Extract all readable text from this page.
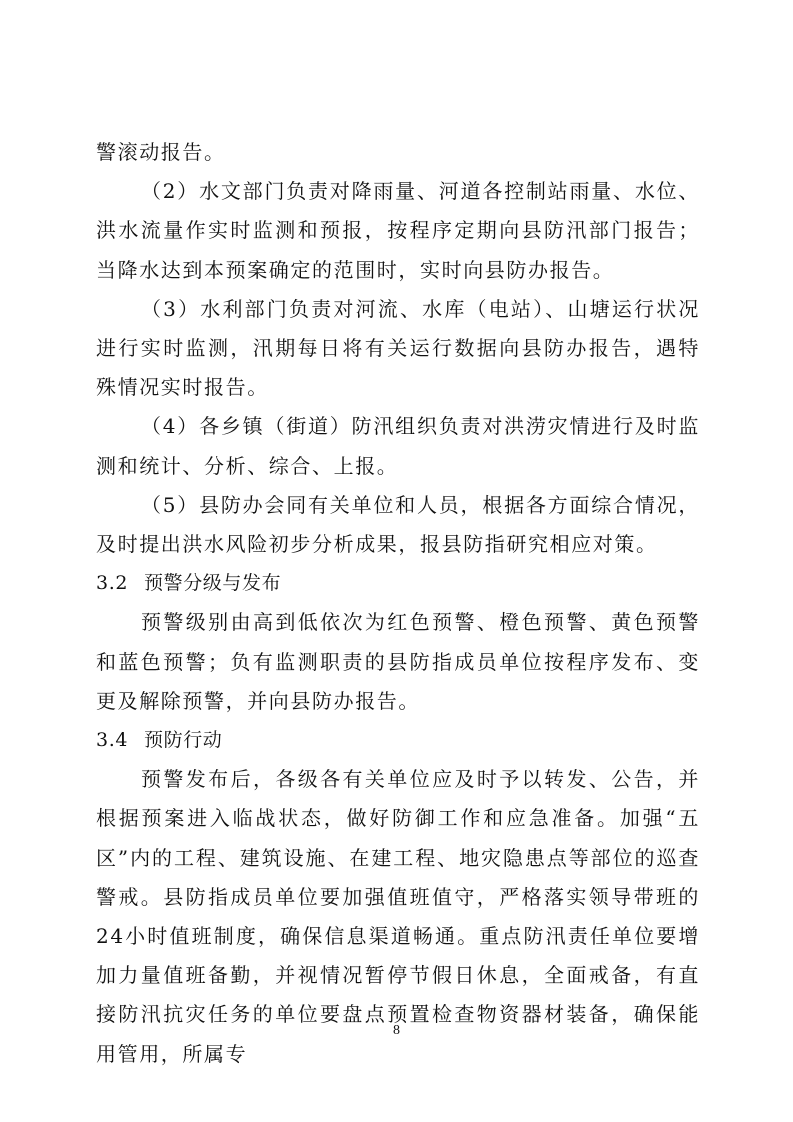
警滚动报告。

（2）水文部门负责对降雨量、河道各控制站雨量、水位、洪水流量作实时监测和预报，按程序定期向县防汛部门报告；当降水达到本预案确定的范围时，实时向县防办报告。

（3）水利部门负责对河流、水库（电站）、山塘运行状况进行实时监测，汛期每日将有关运行数据向县防办报告，遇特殊情况实时报告。

（4）各乡镇（街道）防汛组织负责对洪涝灾情进行及时监测和统计、分析、综合、上报。

（5）县防办会同有关单位和人员，根据各方面综合情况，及时提出洪水风险初步分析成果，报县防指研究相应对策。

3.2 预警分级与发布

预警级别由高到低依次为红色预警、橙色预警、黄色预警和蓝色预警；负有监测职责的县防指成员单位按程序发布、变更及解除预警，并向县防办报告。

3.4 预防行动

预警发布后，各级各有关单位应及时予以转发、公告，并根据预案进入临战状态，做好防御工作和应急准备。加强“五区”内的工程、建筑设施、在建工程、地灾隐患点等部位的巡查警戒。县防指成员单位要加强值班值守，严格落实领导带班的24小时值班制度，确保信息渠道畅通。重点防汛责任单位要增加力量值班备勤，并视情况暂停节假日休息，全面戒备，有直接防汛抗灾任务的单位要盘点预置检查物资器材装备，确保能用管用，所属专

8
